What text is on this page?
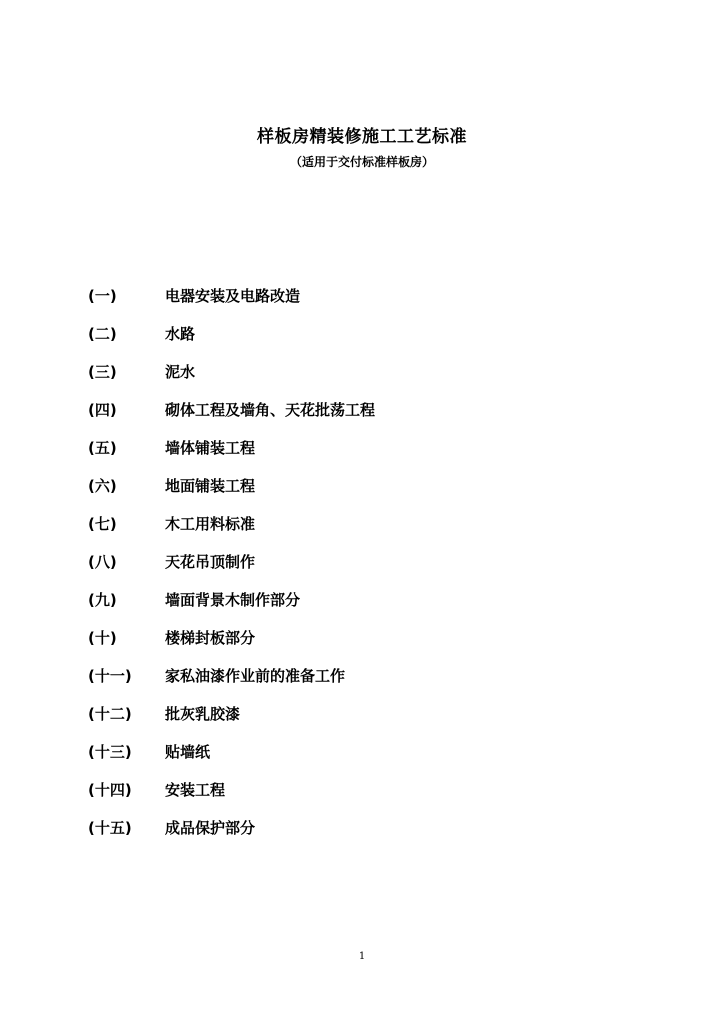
样板房精装修施工工艺标准
（适用于交付标准样板房）
(一)	电器安装及电路改造
(二)	水路
(三)	泥水
(四)	砌体工程及墙角、天花批荡工程
(五)	墙体铺装工程
(六)	地面铺装工程
(七)	木工用料标准
(八)	天花吊顶制作
(九)	墙面背景木制作部分
(十)	楼梯封板部分
(十一)	家私油漆作业前的准备工作
(十二)	批灰乳胶漆
(十三)	贴墙纸
(十四)	安装工程
(十五)	成品保护部分
1
